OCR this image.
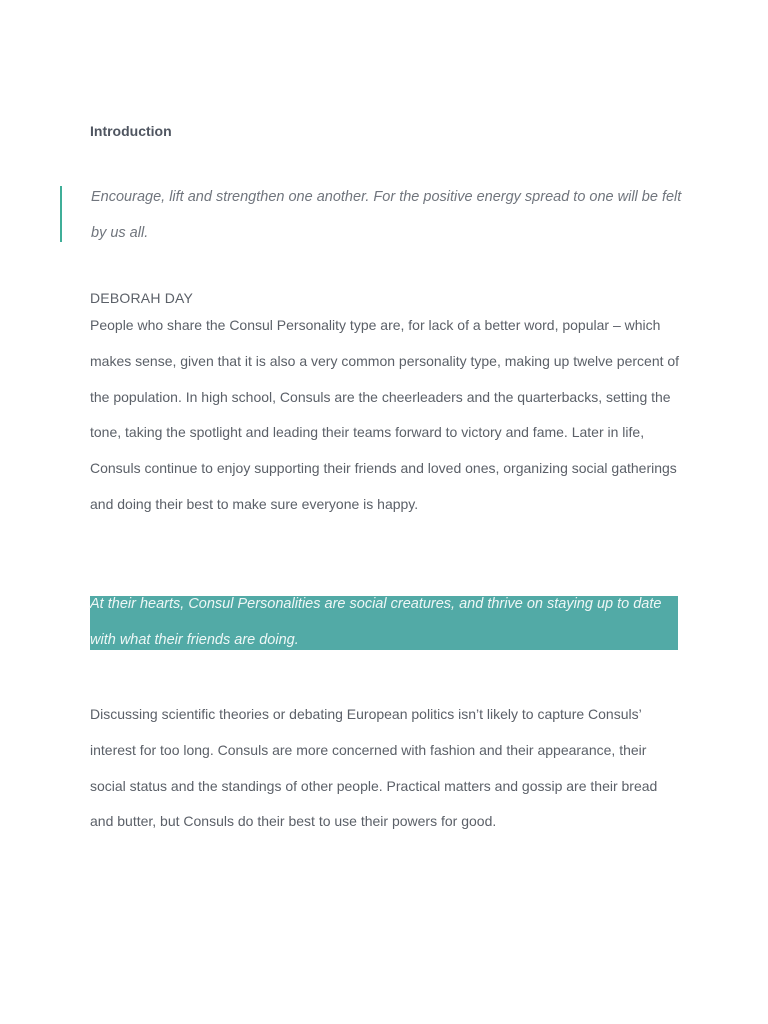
Introduction
Encourage, lift and strengthen one another. For the positive energy spread to one will be felt by us all.

DEBORAH DAY

People who share the Consul Personality type are, for lack of a better word, popular – which makes sense, given that it is also a very common personality type, making up twelve percent of the population. In high school, Consuls are the cheerleaders and the quarterbacks, setting the tone, taking the spotlight and leading their teams forward to victory and fame. Later in life, Consuls continue to enjoy supporting their friends and loved ones, organizing social gatherings and doing their best to make sure everyone is happy.

At their hearts, Consul Personalities are social creatures, and thrive on staying up to date with what their friends are doing.

Discussing scientific theories or debating European politics isn’t likely to capture Consuls’ interest for too long. Consuls are more concerned with fashion and their appearance, their social status and the standings of other people. Practical matters and gossip are their bread and butter, but Consuls do their best to use their powers for good.
